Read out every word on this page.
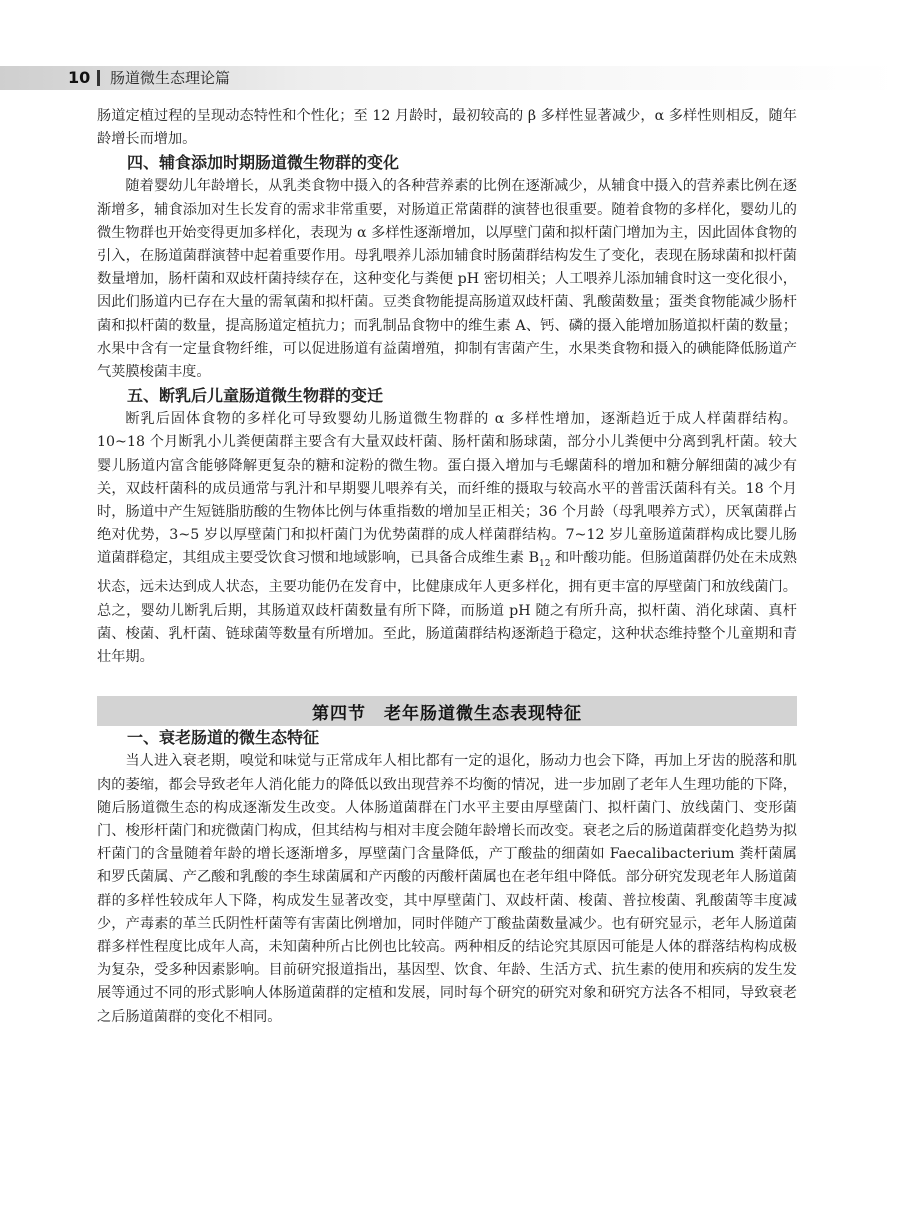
10 肠道微生态理论篇

肠道定植过程的呈现动态特性和个性化；至 12 月龄时，最初较高的 β 多样性显著减少，α 多样性则相反，随年龄增长而增加。

四、辅食添加时期肠道微生物群的变化

随着婴幼儿年龄增长，从乳类食物中摄入的各种营养素的比例在逐渐减少，从辅食中摄入的营养素比例在逐渐增多，辅食添加对生长发育的需求非常重要，对肠道正常菌群的演替也很重要。随着食物的多样化，婴幼儿的微生物群也开始变得更加多样化，表现为 α 多样性逐渐增加，以厚壁门菌和拟杆菌门增加为主，因此固体食物的引入，在肠道菌群演替中起着重要作用。母乳喂养儿添加辅食时肠菌群结构发生了变化，表现在肠球菌和拟杆菌数量增加，肠杆菌和双歧杆菌持续存在，这种变化与粪便 pH 密切相关；人工喂养儿添加辅食时这一变化很小，因此们肠道内已存在大量的需氧菌和拟杆菌。豆类食物能提高肠道双歧杆菌、乳酸菌数量；蛋类食物能减少肠杆菌和拟杆菌的数量，提高肠道定植抗力；而乳制品食物中的维生素 A、钙、磷的摄入能增加肠道拟杆菌的数量；水果中含有一定量食物纤维，可以促进肠道有益菌增殖，抑制有害菌产生，水果类食物和摄入的碘能降低肠道产气荚膜梭菌丰度。

五、断乳后儿童肠道微生物群的变迁

断乳后固体食物的多样化可导致婴幼儿肠道微生物群的 α 多样性增加，逐渐趋近于成人样菌群结构。10~18 个月断乳小儿粪便菌群主要含有大量双歧杆菌、肠杆菌和肠球菌，部分小儿粪便中分离到乳杆菌。较大婴儿肠道内富含能够降解更复杂的糖和淀粉的微生物。蛋白摄入增加与毛螺菌科的增加和糖分解细菌的减少有关，双歧杆菌科的成员通常与乳汁和早期婴儿喂养有关，而纤维的摄取与较高水平的普雷沃菌科有关。18 个月时，肠道中产生短链脂肪酸的生物体比例与体重指数的增加呈正相关；36 个月龄（母乳喂养方式），厌氧菌群占绝对优势，3~5 岁以厚壁菌门和拟杆菌门为优势菌群的成人样菌群结构。7~12 岁儿童肠道菌群构成比婴儿肠道菌群稳定，其组成主要受饮食习惯和地域影响，已具备合成维生素 $B_{12}$ 和叶酸功能。但肠道菌群仍处在未成熟状态，远未达到成人状态，主要功能仍在发育中，比健康成年人更多样化，拥有更丰富的厚壁菌门和放线菌门。总之，婴幼儿断乳后期，其肠道双歧杆菌数量有所下降，而肠道 pH 随之有所升高，拟杆菌、消化球菌、真杆菌、梭菌、乳杆菌、链球菌等数量有所增加。至此，肠道菌群结构逐渐趋于稳定，这种状态维持整个儿童期和青壮年期。

第四节　老年肠道微生态表现特征
一、衰老肠道的微生态特征

当人进入衰老期，嗅觉和味觉与正常成年人相比都有一定的退化，肠动力也会下降，再加上牙齿的脱落和肌肉的萎缩，都会导致老年人消化能力的降低以致出现营养不均衡的情况，进一步加剧了老年人生理功能的下降，随后肠道微生态的构成逐渐发生改变。人体肠道菌群在门水平主要由厚壁菌门、拟杆菌门、放线菌门、变形菌门、梭形杆菌门和疣微菌门构成，但其结构与相对丰度会随年龄增长而改变。衰老之后的肠道菌群变化趋势为拟杆菌门的含量随着年龄的增长逐渐增多，厚壁菌门含量降低，产丁酸盐的细菌如 Faecalibacterium 粪杆菌属和罗氏菌属、产乙酸和乳酸的李生球菌属和产丙酸的丙酸杆菌属也在老年组中降低。部分研究发现老年人肠道菌群的多样性较成年人下降，构成发生显著改变，其中厚壁菌门、双歧杆菌、梭菌、普拉梭菌、乳酸菌等丰度减少，产毒素的革兰氏阴性杆菌等有害菌比例增加，同时伴随产丁酸盐菌数量减少。也有研究显示，老年人肠道菌群多样性程度比成年人高，未知菌种所占比例也比较高。两种相反的结论究其原因可能是人体的群落结构构成极为复杂，受多种因素影响。目前研究报道指出，基因型、饮食、年龄、生活方式、抗生素的使用和疾病的发生发展等通过不同的形式影响人体肠道菌群的定植和发展，同时每个研究的研究对象和研究方法各不相同，导致衰老之后肠道菌群的变化不相同。
